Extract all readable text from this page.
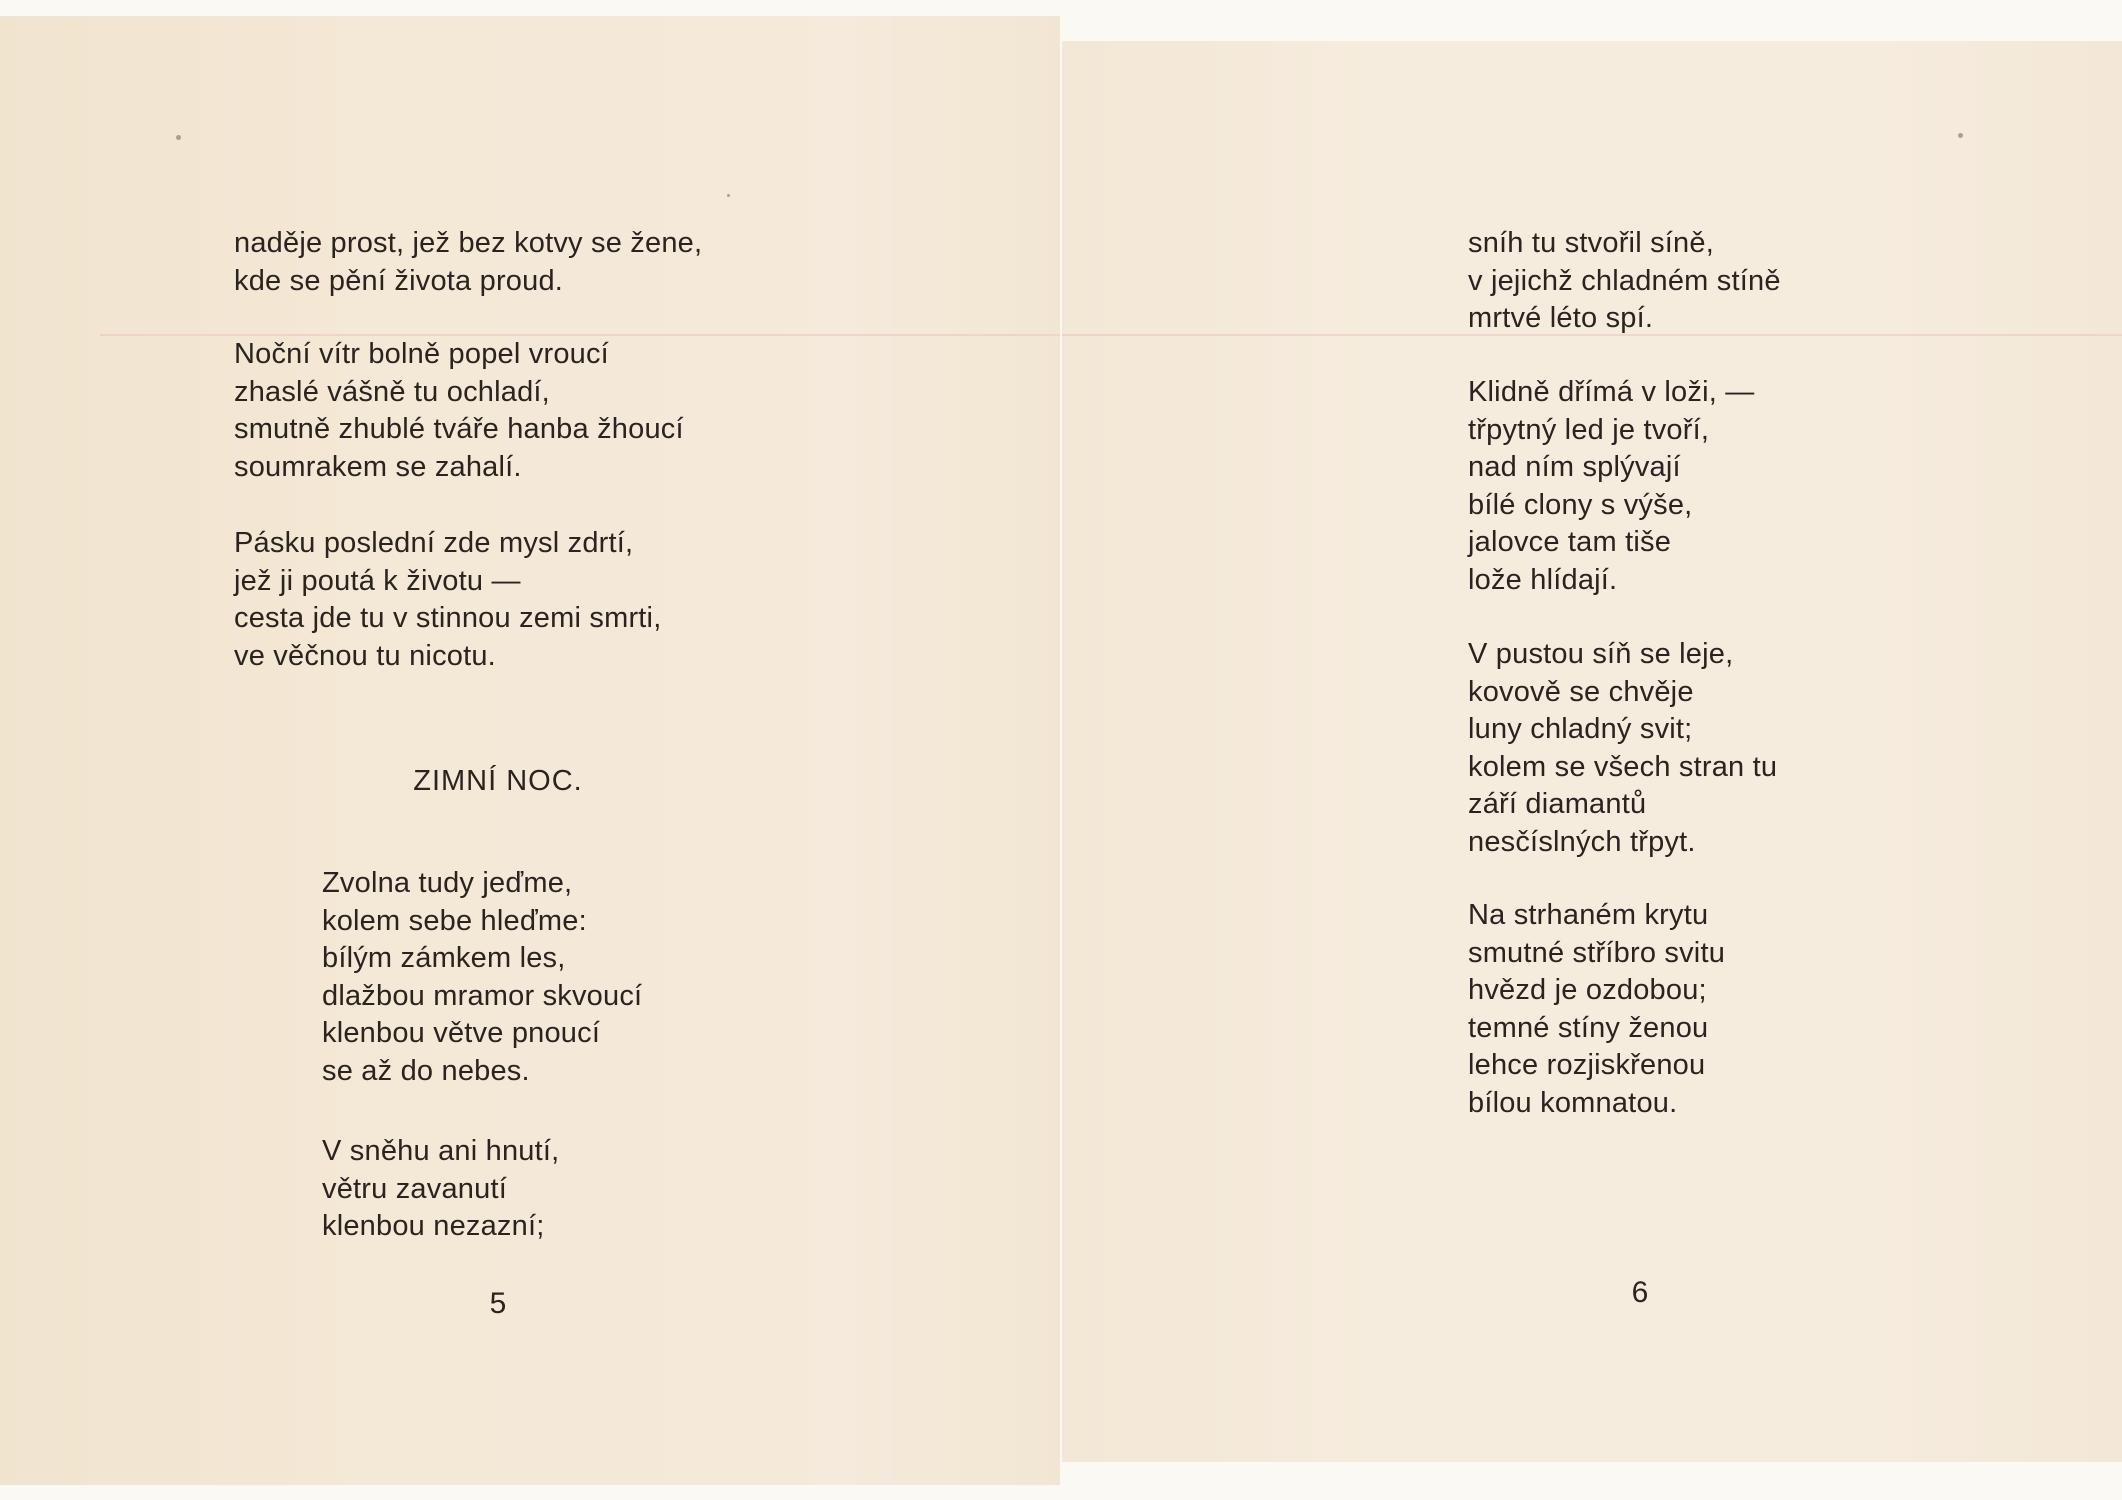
naděje prost, jež bez kotvy se žene,
kde se pění života proud.
Noční vítr bolně popel vroucí
zhaslé vášně tu ochladí,
smutně zhublé tváře hanba žhoucí
soumrakem se zahalí.
Pásku poslední zde mysl zdrtí,
jež ji poutá k životu —
cesta jde tu v stinnou zemi smrti,
ve věčnou tu nicotu.
ZIMNÍ NOC.
Zvolna tudy jeďme,
kolem sebe hleďme:
bílým zámkem les,
dlažbou mramor skvoucí
klenbou větve pnoucí
se až do nebes.
V sněhu ani hnutí,
větru zavanutí
klenbou nezazní;
5
sníh tu stvořil síně,
v jejichž chladném stíně
mrtvé léto spí.
Klidně dřímá v loži, —
třpytný led je tvoří,
nad ním splývají
bílé clony s výše,
jalovce tam tiše
lože hlídají.
V pustou síň se leje,
kovově se chvěje
luny chladný svit;
kolem se všech stran tu
září diamantů
nesčíslných třpyt.
Na strhaném krytu
smutné stříbro svitu
hvězd je ozdobou;
temné stíny ženou
lehce rozjiskřenou
bílou komnatou.
6
